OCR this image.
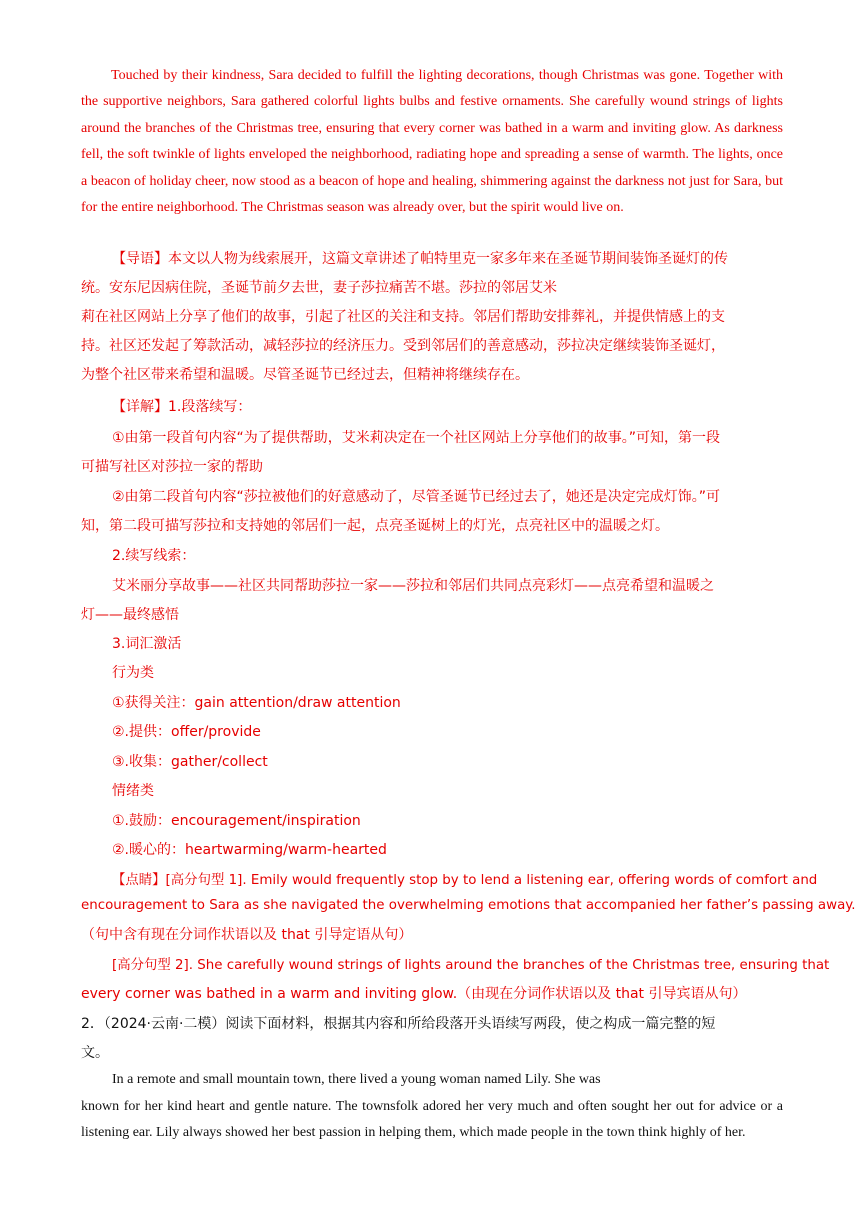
Touched by their kindness, Sara decided to fulfill the lighting decorations, though Christmas was gone. Together with the supportive neighbors, Sara gathered colorful lights bulbs and festive ornaments. She carefully wound strings of lights around the branches of the Christmas tree, ensuring that every corner was bathed in a warm and inviting glow. As darkness fell, the soft twinkle of lights enveloped the neighborhood, radiating hope and spreading a sense of warmth. The lights, once a beacon of holiday cheer, now stood as a beacon of hope and healing, shimmering against the darkness not just for Sara, but for the entire neighborhood. The Christmas season was already over, but the spirit would live on.

【导语】本文以人物为线索展开，这篇文章讲述了帕特里克一家多年来在圣诞节期间装饰圣诞灯的传

统。安东尼因病住院，圣诞节前夕去世，妻子莎拉痛苦不堪。莎拉的邻居艾米

莉在社区网站上分享了他们的故事，引起了社区的关注和支持。邻居们帮助安排葬礼，并提供情感上的支

持。社区还发起了筹款活动，减轻莎拉的经济压力。受到邻居们的善意感动，莎拉决定继续装饰圣诞灯，

为整个社区带来希望和温暖。尽管圣诞节已经过去，但精神将继续存在。

【详解】1.段落续写：

①由第一段首句内容“为了提供帮助，艾米莉决定在一个社区网站上分享他们的故事。”可知，第一段

可描写社区对莎拉一家的帮助

②由第二段首句内容“莎拉被他们的好意感动了，尽管圣诞节已经过去了，她还是决定完成灯饰。”可

知，第二段可描写莎拉和支持她的邻居们一起，点亮圣诞树上的灯光，点亮社区中的温暖之灯。

2.续写线索：

艾米丽分享故事——社区共同帮助莎拉一家——莎拉和邻居们共同点亮彩灯——点亮希望和温暖之

灯——最终感悟

3.词汇激活

行为类

①获得关注：gain attention/draw attention

②.提供：offer/provide

③.收集：gather/collect

情绪类

①.鼓励：encouragement/inspiration

②.暖心的：heartwarming/warm-hearted

【点睛】[高分句型 1]. Emily would frequently stop by to lend a listening ear, offering words of comfort and

encouragement to Sara as she navigated the overwhelming emotions that accompanied her father’s passing away.

（句中含有现在分词作状语以及 that 引导定语从句）

[高分句型 2]. She carefully wound strings of lights around the branches of the Christmas tree, ensuring that

every corner was bathed in a warm and inviting glow.（由现在分词作状语以及 that 引导宾语从句）

2．（2024·云南·二模）阅读下面材料，根据其内容和所给段落开头语续写两段，使之构成一篇完整的短

文。

In a remote and small mountain town, there lived a young woman named Lily. She was

known for her kind heart and gentle nature. The townsfolk adored her very much and often sought her out for advice or a listening ear. Lily always showed her best passion in helping them, which made people in the town think highly of her.
